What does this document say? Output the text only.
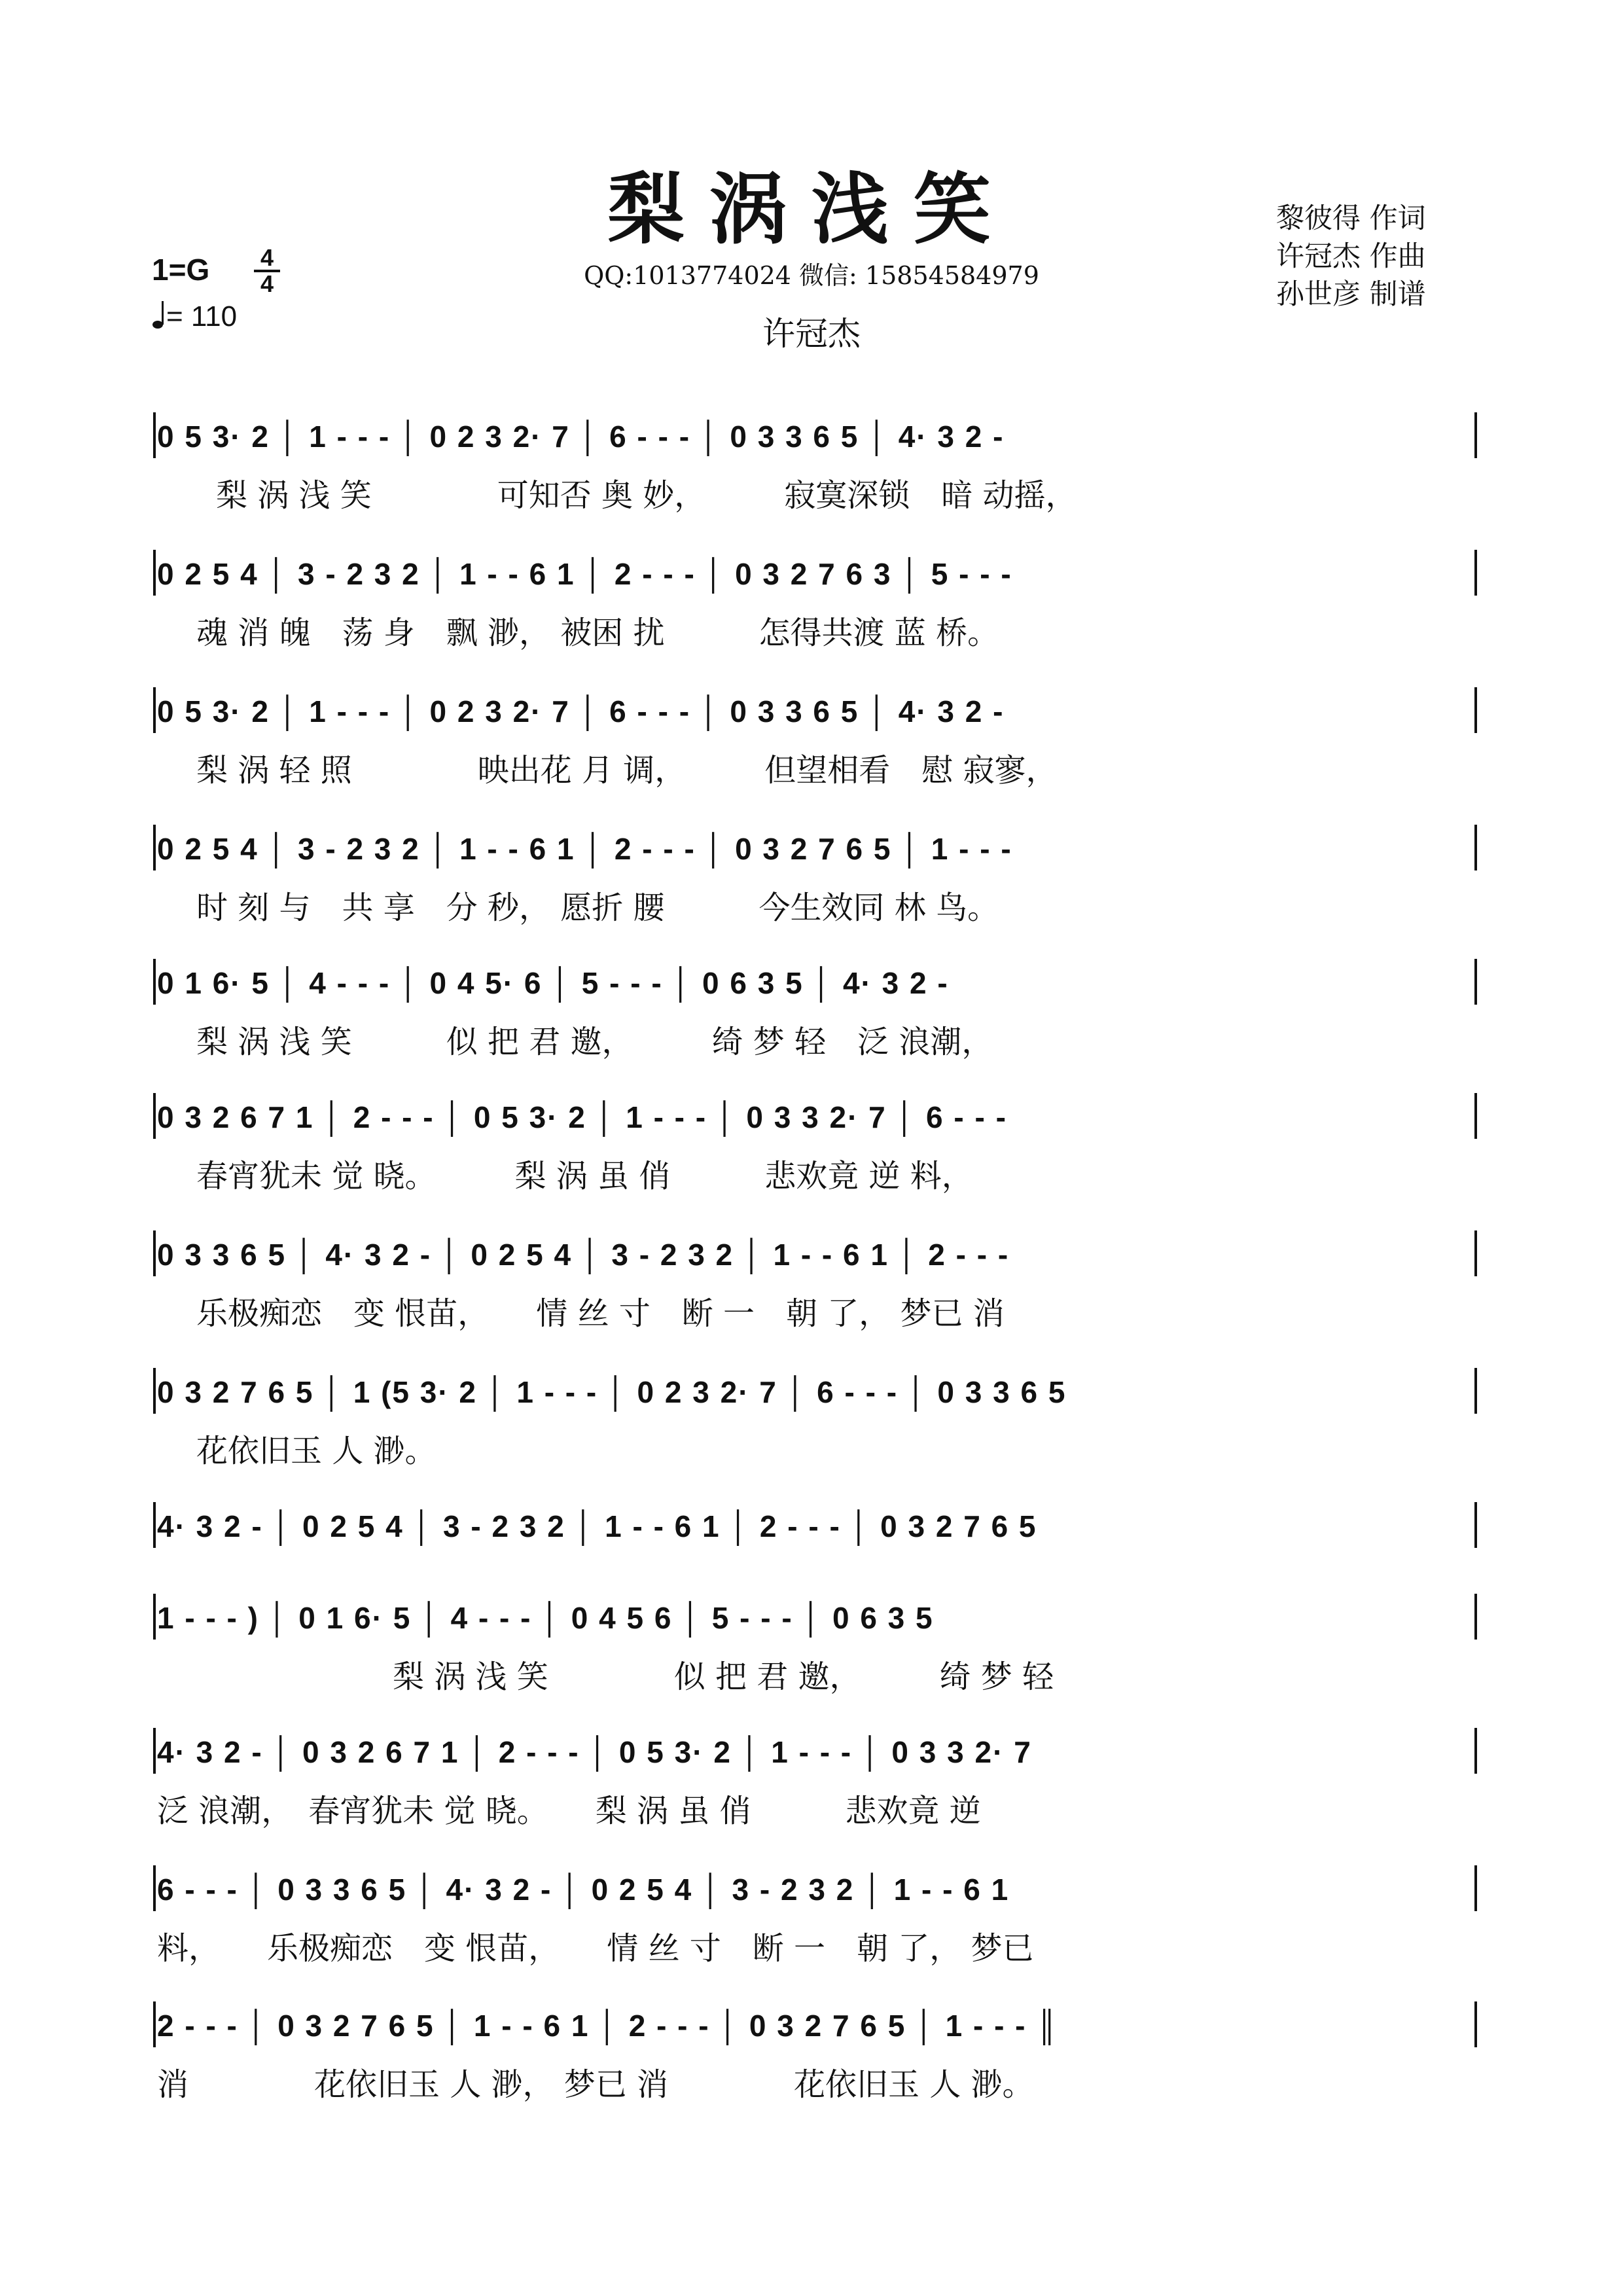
梨涡浅笑	黎彼得 作词
许冠杰 作曲
孙世彦 制谱
1=G 4
4
= 110
QQ:1013774024 微信: 15854584979
许冠杰
0 5 3· 2 │ 1 - - - │ 0 2 3 2· 7 │ 6 - - - │ 0 3 3 6 5 │ 4· 3 2 -
梨 涡 浅 笑　　　　可知否 奥 妙，　　　寂寞深锁　暗 动摇，
0 2 5 4 │ 3 - 2 3 2 │ 1 - - 6 1 │ 2 - - - │ 0 3 2 7 6 3 │ 5 - - -
魂 消 魄　荡 身　飘 渺， 被困 扰　　　怎得共渡 蓝 桥。
0 5 3· 2 │ 1 - - - │ 0 2 3 2· 7 │ 6 - - - │ 0 3 3 6 5 │ 4· 3 2 -
梨 涡 轻 照　　　　映出花 月 调，　　　但望相看　慰 寂寥，
0 2 5 4 │ 3 - 2 3 2 │ 1 - - 6 1 │ 2 - - - │ 0 3 2 7 6 5 │ 1 - - -
时 刻 与　共 享　分 秒， 愿折 腰　　　今生效同 林 鸟。
0 1 6· 5 │ 4 - - - │ 0 4 5· 6 │ 5 - - - │ 0 6 3 5 │ 4· 3 2 -
梨 涡 浅 笑　　　似 把 君 邀，　　　绮 梦 轻　泛 浪潮，
0 3 2 6 7 1 │ 2 - - - │ 0 5 3· 2 │ 1 - - - │ 0 3 3 2· 7 │ 6 - - -
春宵犹未 觉 晓。　　　梨 涡 虽 俏　　　悲欢竟 逆 料，
0 3 3 6 5 │ 4· 3 2 - │ 0 2 5 4 │ 3 - 2 3 2 │ 1 - - 6 1 │ 2 - - -
乐极痴恋　变 恨苗，　　情 丝 寸　断 一　朝 了， 梦已 消
0 3 2 7 6 5 │ 1 (5 3· 2 │ 1 - - - │ 0 2 3 2· 7 │ 6 - - - │ 0 3 3 6 5
花依旧玉 人 渺。
4· 3 2 - │ 0 2 5 4 │ 3 - 2 3 2 │ 1 - - 6 1 │ 2 - - - │ 0 3 2 7 6 5
1 - - - ) │ 0 1 6· 5 │ 4 - - - │ 0 4 5 6 │ 5 - - - │ 0 6 3 5
梨 涡 浅 笑　　　　似 把 君 邀，　　　绮 梦 轻
4· 3 2 - │ 0 3 2 6 7 1 │ 2 - - - │ 0 5 3· 2 │ 1 - - - │ 0 3 3 2· 7
泛 浪潮，　春宵犹未 觉 晓。　　梨 涡 虽 俏　　　悲欢竟 逆
6 - - - │ 0 3 3 6 5 │ 4· 3 2 - │ 0 2 5 4 │ 3 - 2 3 2 │ 1 - - 6 1
料，　　乐极痴恋　变 恨苗，　　情 丝 寸　断 一　朝 了， 梦已
2 - - - │ 0 3 2 7 6 5 │ 1 - - 6 1 │ 2 - - - │ 0 3 2 7 6 5 │ 1 - - - ║
消　　　　花依旧玉 人 渺， 梦已 消　　　　花依旧玉 人 渺。
